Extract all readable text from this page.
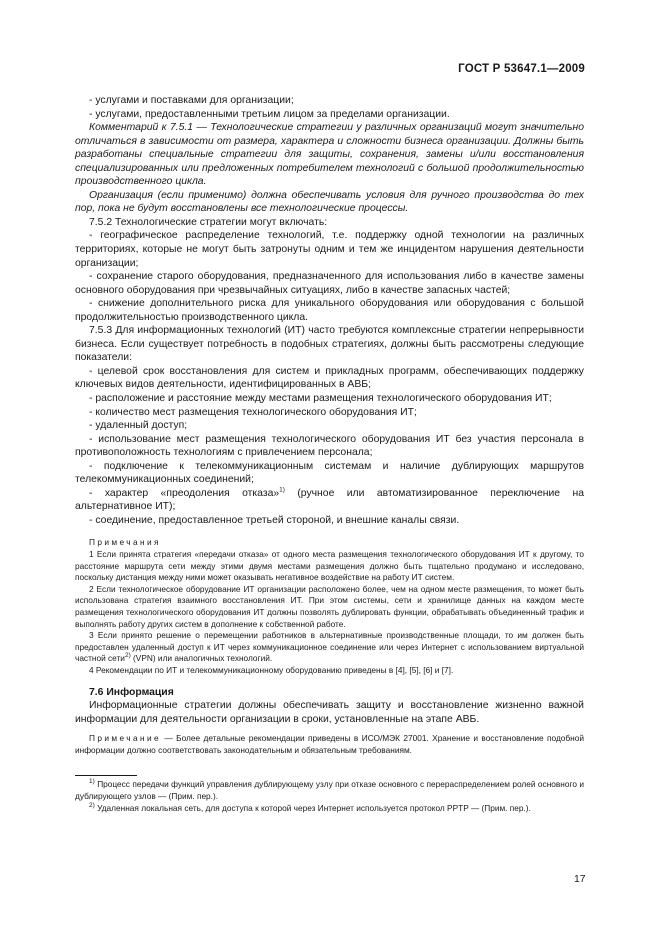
ГОСТ Р 53647.1—2009

- услугами и поставками для организации;

- услугами, предоставленными третьим лицом за пределами организации.

Комментарий к 7.5.1 — Технологические стратегии у различных организаций могут значительно отличаться в зависимости от размера, характера и сложности бизнеса организации. Должны быть разработаны специальные стратегии для защиты, сохранения, замены и/или восстановления специализированных или предложенных потребителем технологий с большой продолжительностью производственного цикла.

Организация (если применимо) должна обеспечивать условия для ручного производства до тех пор, пока не будут восстановлены все технологические процессы.

7.5.2 Технологические стратегии могут включать:

- географическое распределение технологий, т.е. поддержку одной технологии на различных территориях, которые не могут быть затронуты одним и тем же инцидентом нарушения деятельности организации;

- сохранение старого оборудования, предназначенного для использования либо в качестве замены основного оборудования при чрезвычайных ситуациях, либо в качестве запасных частей;

- снижение дополнительного риска для уникального оборудования или оборудования с большой продолжительностью производственного цикла.

7.5.3 Для информационных технологий (ИТ) часто требуются комплексные стратегии непрерывности бизнеса. Если существует потребность в подобных стратегиях, должны быть рассмотрены следующие показатели:

- целевой срок восстановления для систем и прикладных программ, обеспечивающих поддержку ключевых видов деятельности, идентифицированных в АВБ;

- расположение и расстояние между местами размещения технологического оборудования ИТ;

- количество мест размещения технологического оборудования ИТ;

- удаленный доступ;

- использование мест размещения технологического оборудования ИТ без участия персонала в противоположность технологиям с привлечением персонала;

- подключение к телекоммуникационным системам и наличие дублирующих маршрутов телекоммуникационных соединений;

- характер «преодоления отказа»$^{1)}$ (ручное или автоматизированное переключение на альтернативное ИТ);

- соединение, предоставленное третьей стороной, и внешние каналы связи.

Примечания

1 Если принята стратегия «передачи отказа» от одного места размещения технологического оборудования ИТ к другому, то расстояние маршрута сети между этими двумя местами размещения должно быть тщательно продумано и исследовано, поскольку дистанция между ними может оказывать негативное воздействие на работу ИТ систем.

2 Если технологическое оборудование ИТ организации расположено более, чем на одном месте размещения, то может быть использована стратегия взаимного восстановления ИТ. При этом системы, сети и хранилище данных на каждом месте размещения технологического оборудования ИТ должны позволять дублировать функции, обрабатывать объединенный трафик и выполнять работу других систем в дополнение к собственной работе.

3 Если принято решение о перемещении работников в альтернативные производственные площади, то им должен быть предоставлен удаленный доступ к ИТ через коммуникационное соединение или через Интернет с использованием виртуальной частной сети$^{2)}$ (VPN) или аналогичных технологий.

4 Рекомендации по ИТ и телекоммуникационному оборудованию приведены в [4], [5], [6] и [7].

7.6 Информация

Информационные стратегии должны обеспечивать защиту и восстановление жизненно важной информации для деятельности организации в сроки, установленные на этапе АВБ.

Примечание — Более детальные рекомендации приведены в ИСО/МЭК 27001. Хранение и восстановление подобной информации должно соответствовать законодательным и обязательным требованиям.

$^{1)}$ Процесс передачи функций управления дублирующему узлу при отказе основного с перераспределением ролей основного и дублирующего узлов — (Прим. пер.).

$^{2)}$ Удаленная локальная сеть, для доступа к которой через Интернет используется протокол PPTP — (Прим. пер.).

17
